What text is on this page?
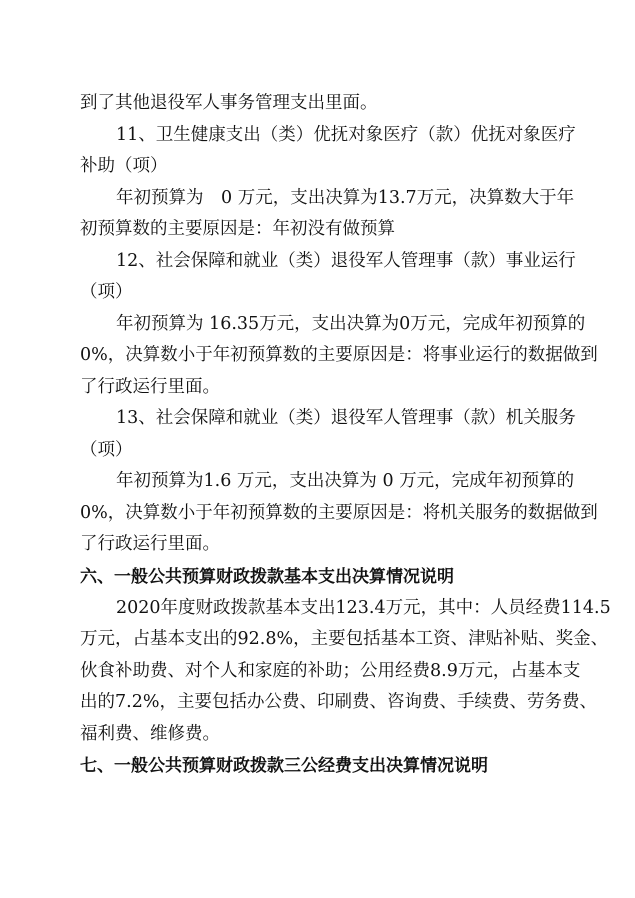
到了其他退役军人事务管理支出里面。
11、卫生健康支出（类）优抚对象医疗（款）优抚对象医疗
补助（项）
年初预算为　0 万元，支出决算为13.7万元，决算数大于年
初预算数的主要原因是：年初没有做预算
12、社会保障和就业（类）退役军人管理事（款）事业运行
（项）
年初预算为 16.35万元，支出决算为0万元，完成年初预算的
0%，决算数小于年初预算数的主要原因是：将事业运行的数据做到
了行政运行里面。
13、社会保障和就业（类）退役军人管理事（款）机关服务
（项）
年初预算为1.6 万元，支出决算为 0 万元，完成年初预算的
0%，决算数小于年初预算数的主要原因是：将机关服务的数据做到
了行政运行里面。
六、一般公共预算财政拨款基本支出决算情况说明
2020年度财政拨款基本支出123.4万元，其中：人员经费114.5
万元，占基本支出的92.8%，主要包括基本工资、津贴补贴、奖金、
伙食补助费、对个人和家庭的补助；公用经费8.9万元，占基本支
出的7.2%，主要包括办公费、印刷费、咨询费、手续费、劳务费、
福利费、维修费。
七、一般公共预算财政拨款三公经费支出决算情况说明
